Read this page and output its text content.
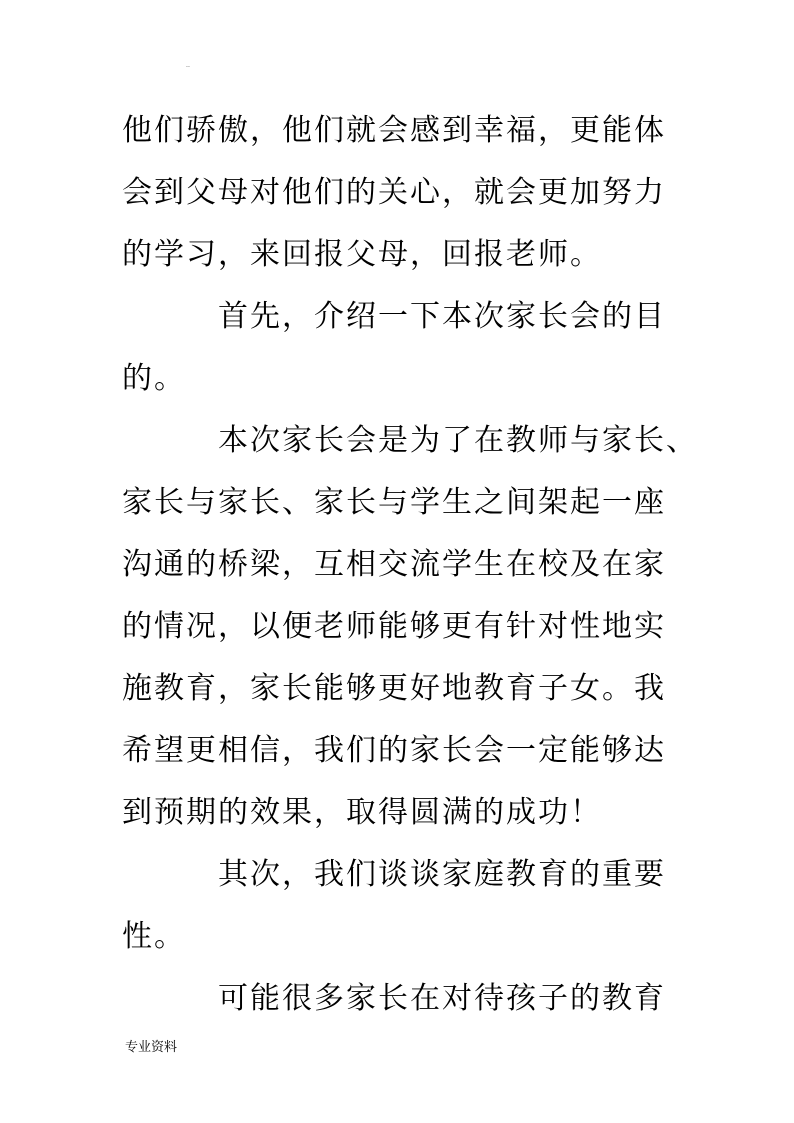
..
他们骄傲，他们就会感到幸福，更能体
会到父母对他们的关心，就会更加努力
的学习，来回报父母，回报老师。
首先，介绍一下本次家长会的目
的。
本次家长会是为了在教师与家长、
家长与家长、家长与学生之间架起一座
沟通的桥梁，互相交流学生在校及在家
的情况，以便老师能够更有针对性地实
施教育，家长能够更好地教育子女。我
希望更相信，我们的家长会一定能够达
到预期的效果，取得圆满的成功！
其次，我们谈谈家庭教育的重要
性。
可能很多家长在对待孩子的教育
专业资料
